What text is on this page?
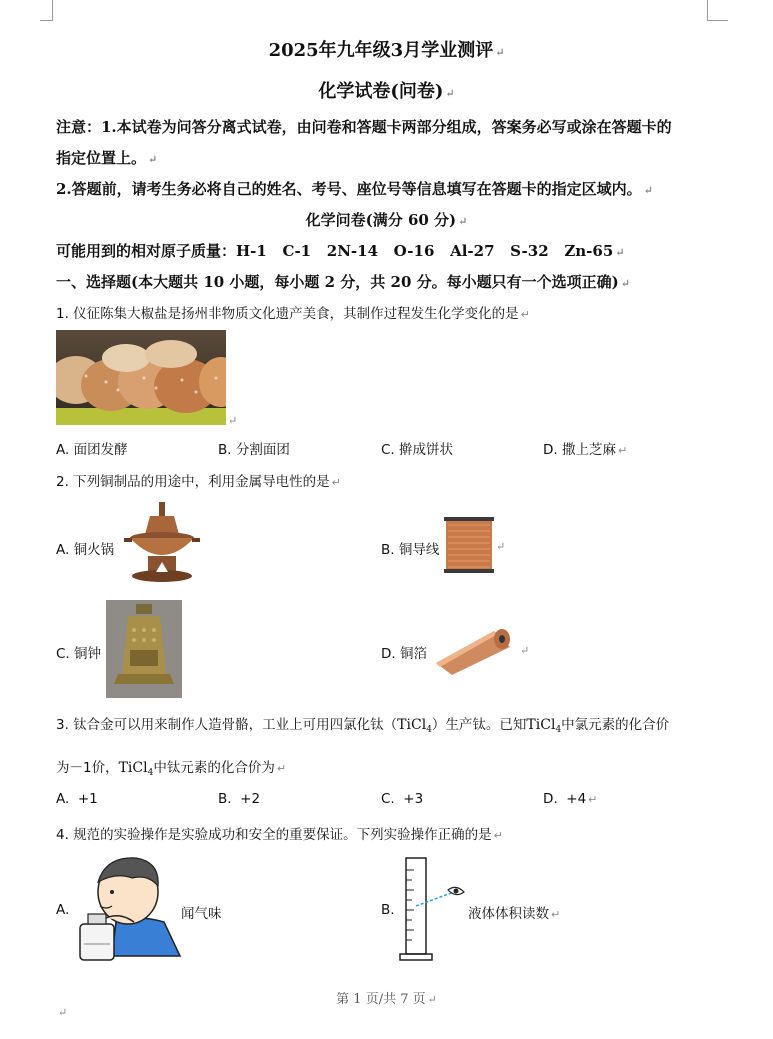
2025年九年级3月学业测评 ↵
化学试卷(问卷) ↵
注意：1.本试卷为问答分离式试卷，由问卷和答题卡两部分组成，答案务必写或涂在答题卡的
指定位置上。 ↵
2.答题前，请考生务必将自己的姓名、考号、座位号等信息填写在答题卡的指定区域内。 ↵
化学问卷(满分 60 分) ↵
可能用到的相对原子质量：H-1   C-1   2N-14   O-16   Al-27   S-32   Zn-65 ↵
一、选择题(本大题共 10 小题，每小题 2 分，共 20 分。每小题只有一个选项正确) ↵
1. 仪征陈集大椒盐是扬州非物质文化遗产美食，其制作过程发生化学变化的是 ↵
↵
A. 面团发酵	B. 分割面团	C. 擀成饼状	D. 撒上芝麻 ↵
2. 下列铜制品的用途中，利用金属导电性的是 ↵
A. 铜火锅	B. 铜导线	↵
C. 铜钟	D. 铜箔	↵
3. 钛合金可以用来制作人造骨骼，工业上可用四氯化钛（TiCl$_4$）生产钛。已知TiCl$_4$中氯元素的化合价
为－1价，TiCl$_4$中钛元素的化合价为 ↵
A.  +1	B.  +2	C.  +3	D.  +4 ↵
4. 规范的实验操作是实验成功和安全的重要保证。下列实验操作正确的是 ↵
A.	闻气味	B.	液体体积读数 ↵
第 1 页/共 7 页 ↵
↵
